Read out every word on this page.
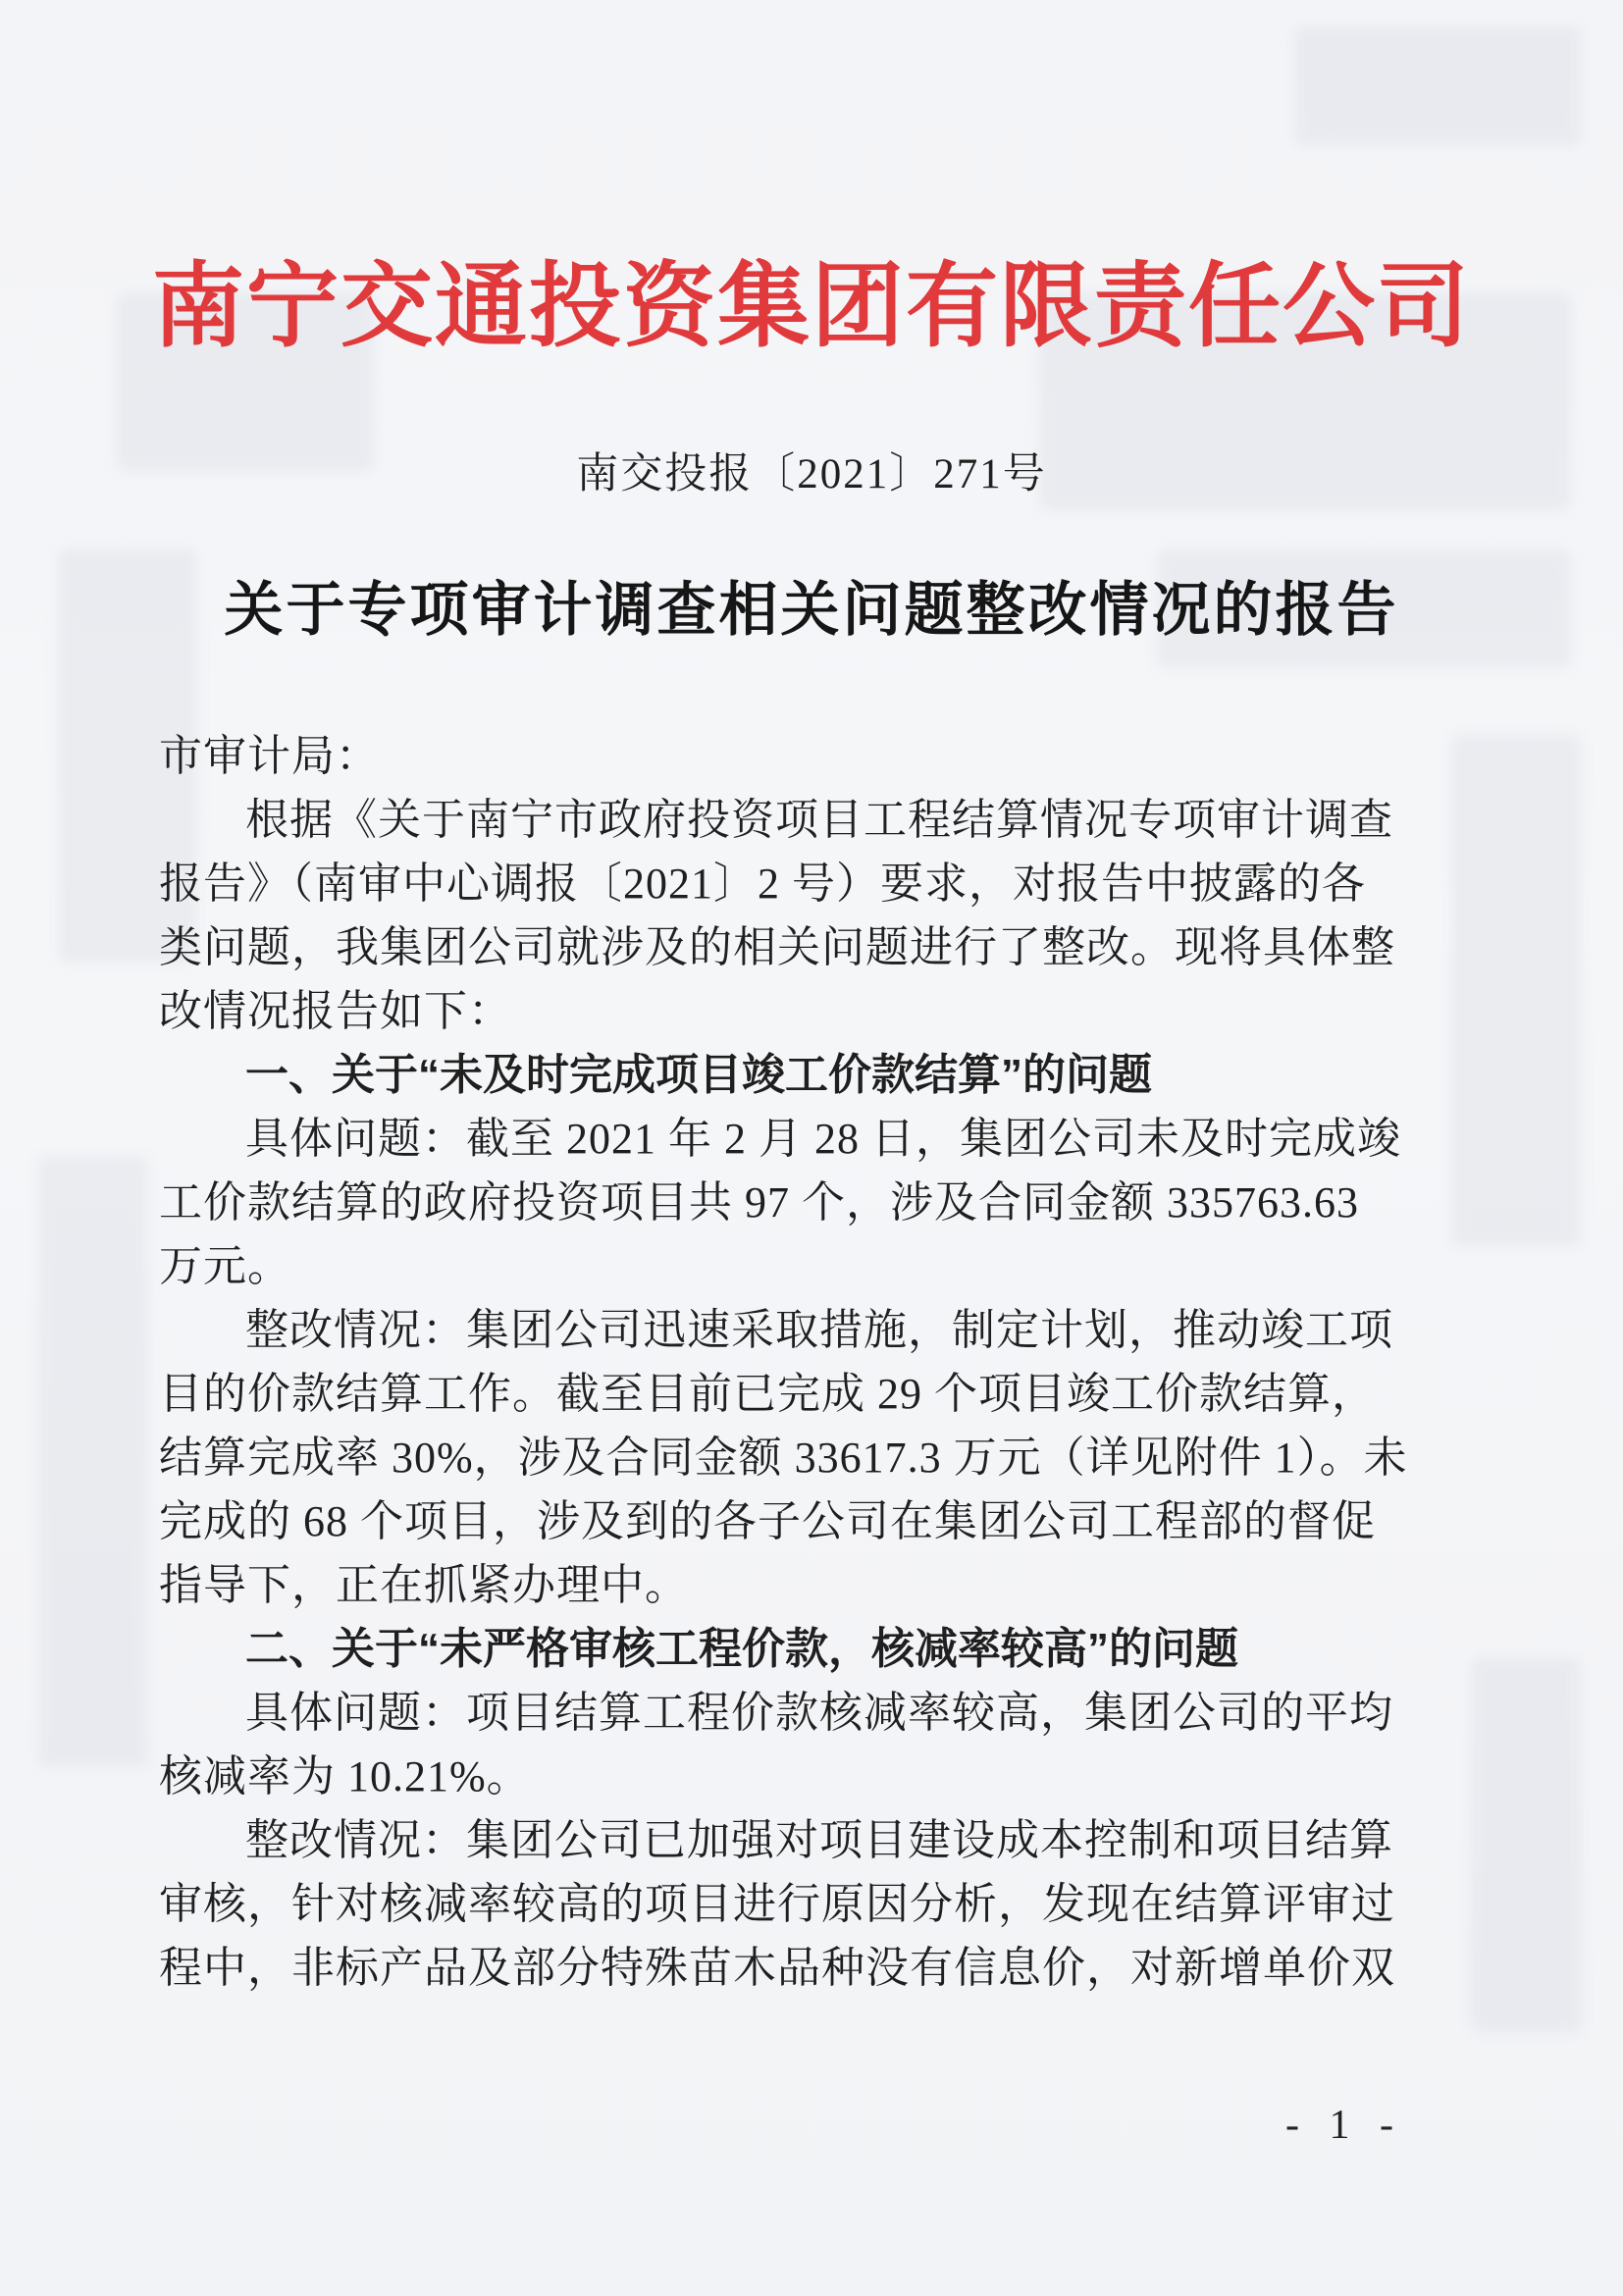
南宁交通投资集团有限责任公司
南交投报〔2021〕271号
关于专项审计调查相关问题整改情况的报告
市审计局：
根据《关于南宁市政府投资项目工程结算情况专项审计调查
报告》（南审中心调报〔2021〕2 号）要求，对报告中披露的各
类问题，我集团公司就涉及的相关问题进行了整改。现将具体整
改情况报告如下：
一、关于“未及时完成项目竣工价款结算”的问题
具体问题：截至 2021 年 2 月 28 日，集团公司未及时完成竣
工价款结算的政府投资项目共 97 个，涉及合同金额 335763.63
万元。
整改情况：集团公司迅速采取措施，制定计划，推动竣工项
目的价款结算工作。截至目前已完成 29 个项目竣工价款结算，
结算完成率 30%，涉及合同金额 33617.3 万元（详见附件 1）。未
完成的 68 个项目，涉及到的各子公司在集团公司工程部的督促
指导下，正在抓紧办理中。
二、关于“未严格审核工程价款，核减率较高”的问题
具体问题：项目结算工程价款核减率较高，集团公司的平均
核减率为 10.21%。
整改情况：集团公司已加强对项目建设成本控制和项目结算
审核，针对核减率较高的项目进行原因分析，发现在结算评审过
程中，非标产品及部分特殊苗木品种没有信息价，对新增单价双
- 1 -
